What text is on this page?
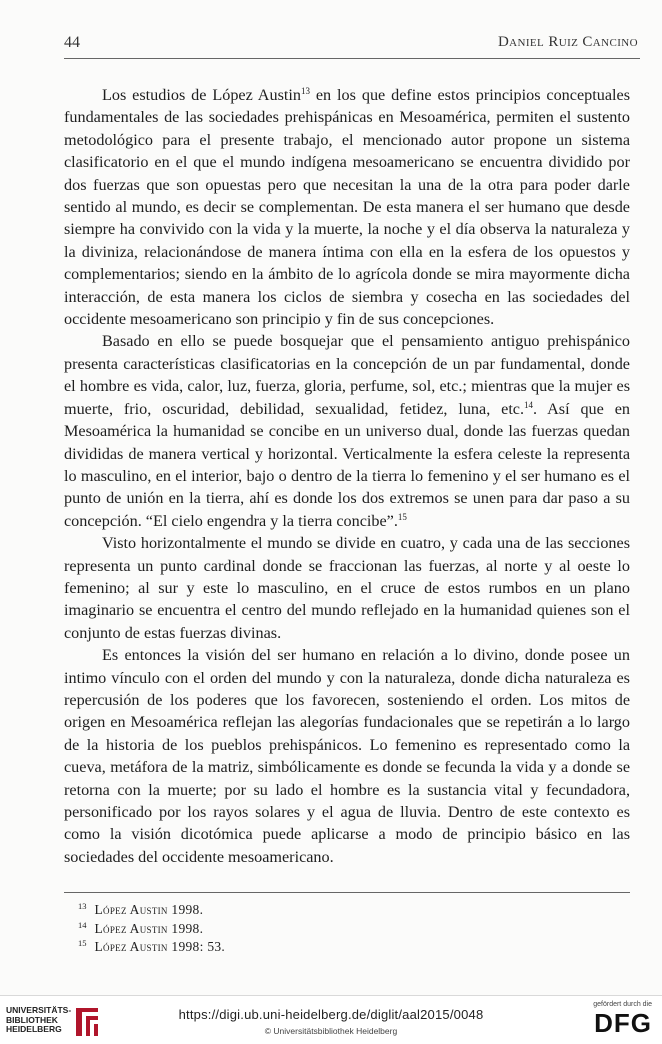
44	Daniel Ruiz Cancino

Los estudios de López Austin$^{13}$ en los que define estos principios conceptuales fundamentales de las sociedades prehispánicas en Mesoamérica, permiten el sustento metodológico para el presente trabajo, el mencionado autor propone un sistema clasificatorio en el que el mundo indígena mesoamericano se encuentra dividido por dos fuerzas que son opuestas pero que necesitan la una de la otra para poder darle sentido al mundo, es decir se complementan. De esta manera el ser humano que desde siempre ha convivido con la vida y la muerte, la noche y el día observa la naturaleza y la diviniza, relacionándose de manera íntima con ella en la esfera de los opuestos y complementarios; siendo en la ámbito de lo agrícola donde se mira mayormente dicha interacción, de esta manera los ciclos de siembra y cosecha en las sociedades del occidente mesoamericano son principio y fin de sus concepciones.

Basado en ello se puede bosquejar que el pensamiento antiguo prehispánico presenta características clasificatorias en la concepción de un par fundamental, donde el hombre es vida, calor, luz, fuerza, gloria, perfume, sol, etc.; mientras que la mujer es muerte, frio, oscuridad, debilidad, sexualidad, fetidez, luna, etc.$^{14}$. Así que en Mesoamérica la humanidad se concibe en un universo dual, donde las fuerzas quedan divididas de manera vertical y horizontal. Verticalmente la esfera celeste la representa lo masculino, en el interior, bajo o dentro de la tierra lo femenino y el ser humano es el punto de unión en la tierra, ahí es donde los dos extremos se unen para dar paso a su concepción. “El cielo engendra y la tierra concibe”.$^{15}$

Visto horizontalmente el mundo se divide en cuatro, y cada una de las secciones representa un punto cardinal donde se fraccionan las fuerzas, al norte y al oeste lo femenino; al sur y este lo masculino, en el cruce de estos rumbos en un plano imaginario se encuentra el centro del mundo reflejado en la humanidad quienes son el conjunto de estas fuerzas divinas.

Es entonces la visión del ser humano en relación a lo divino, donde posee un intimo vínculo con el orden del mundo y con la naturaleza, donde dicha naturaleza es repercusión de los poderes que los favorecen, sosteniendo el orden. Los mitos de origen en Mesoamérica reflejan las alegorías fundacionales que se repetirán a lo largo de la historia de los pueblos prehispánicos. Lo femenino es representado como la cueva, metáfora de la matriz, simbólicamente es donde se fecunda la vida y a donde se retorna con la muerte; por su lado el hombre es la sustancia vital y fecundadora, personificado por los rayos solares y el agua de lluvia. Dentro de este contexto es como la visión dicotómica puede aplicarse a modo de principio básico en las sociedades del occidente mesoamericano.

$^{13}$ López Austin 1998.
$^{14}$ López Austin 1998.
$^{15}$ López Austin 1998: 53.
UNIVERSITÄTS-
BIBLIOTHEK
HEIDELBERG
https://digi.ub.uni-heidelberg.de/diglit/aal2015/0048
© Universitätsbibliothek Heidelberg
gefördert durch die
DFG
